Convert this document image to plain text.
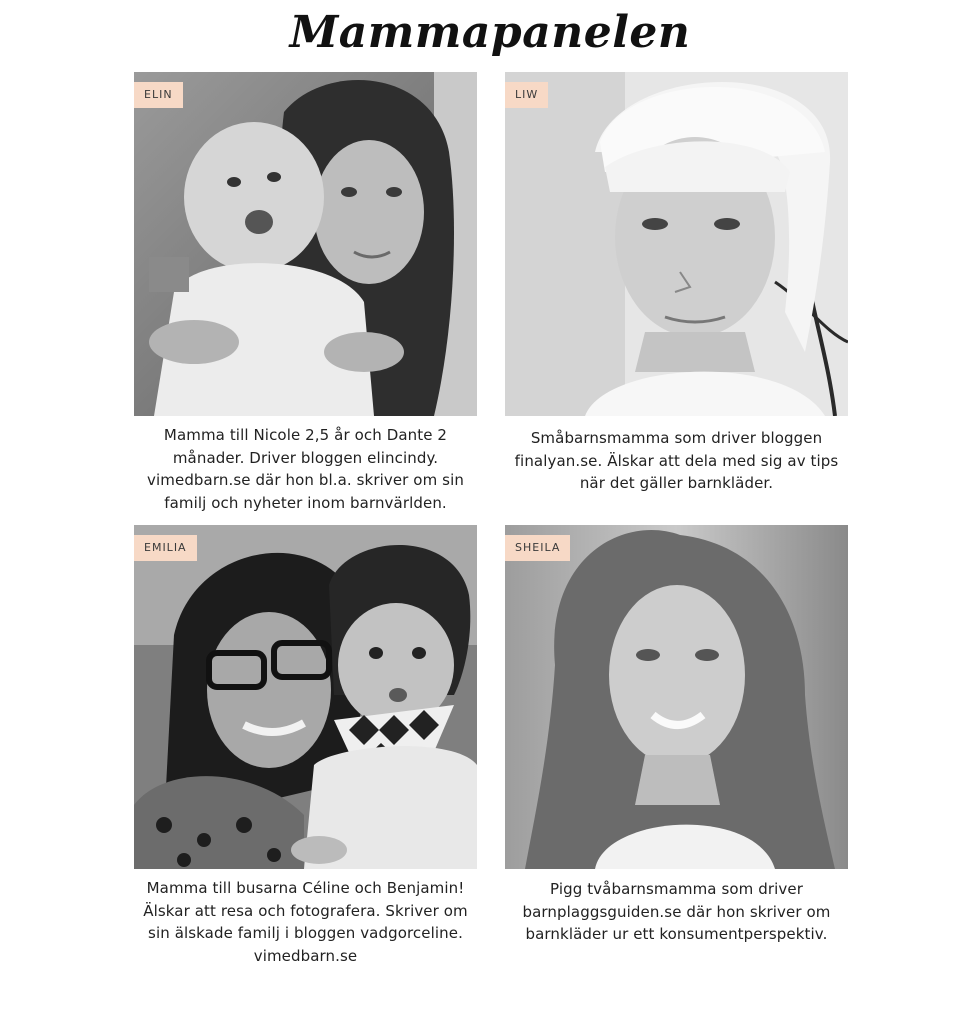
Mammapanelen
ELIN
Mamma till Nicole 2,5 år och Dante 2 månader. Driver bloggen elincindy. vimedbarn.se där hon bl.a. skriver om sin familj och nyheter inom barnvärlden.
LIW
Småbarnsmamma som driver bloggen finalyan.se. Älskar att dela med sig av tips när det gäller barnkläder.
EMILIA
Mamma till busarna Céline och Benjamin! Älskar att resa och fotografera. Skriver om sin älskade familj i bloggen vadgorceline. vimedbarn.se
SHEILA
Pigg tvåbarnsmamma som driver barnplaggsguiden.se där hon skriver om barnkläder ur ett konsumentperspektiv.
